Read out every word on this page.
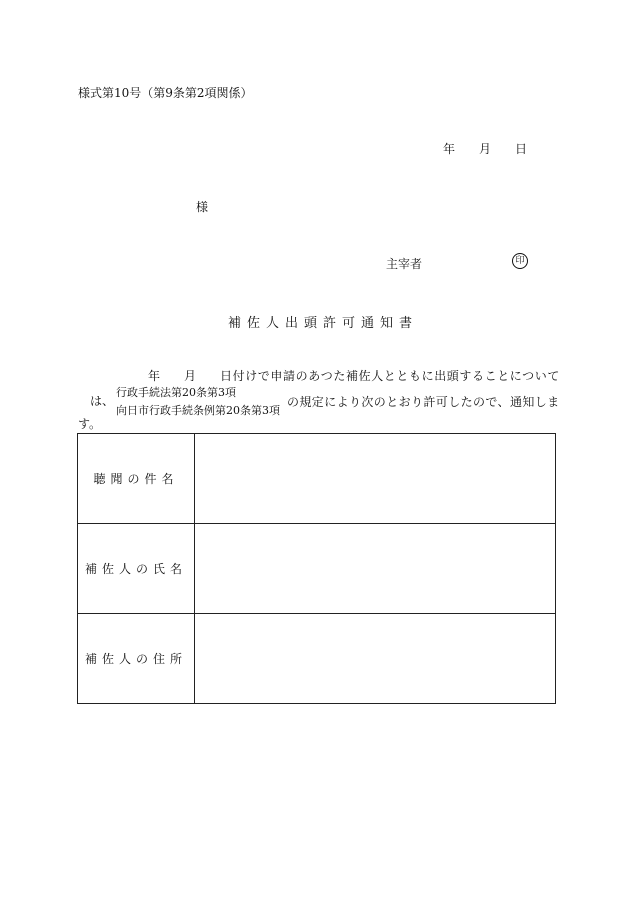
様式第10号（第9条第2項関係）
年 月 日
様
主宰者	印
補佐人出頭許可通知書
年	月	日付けで申請のあつた補佐人とともに出頭することについて
は、
行政手続法第20条第3項
向日市行政手続条例第20条第3項
の規定により次のとおり許可したので、通知しま
す。
聴聞の件名	
補佐人の氏名	
補佐人の住所	
